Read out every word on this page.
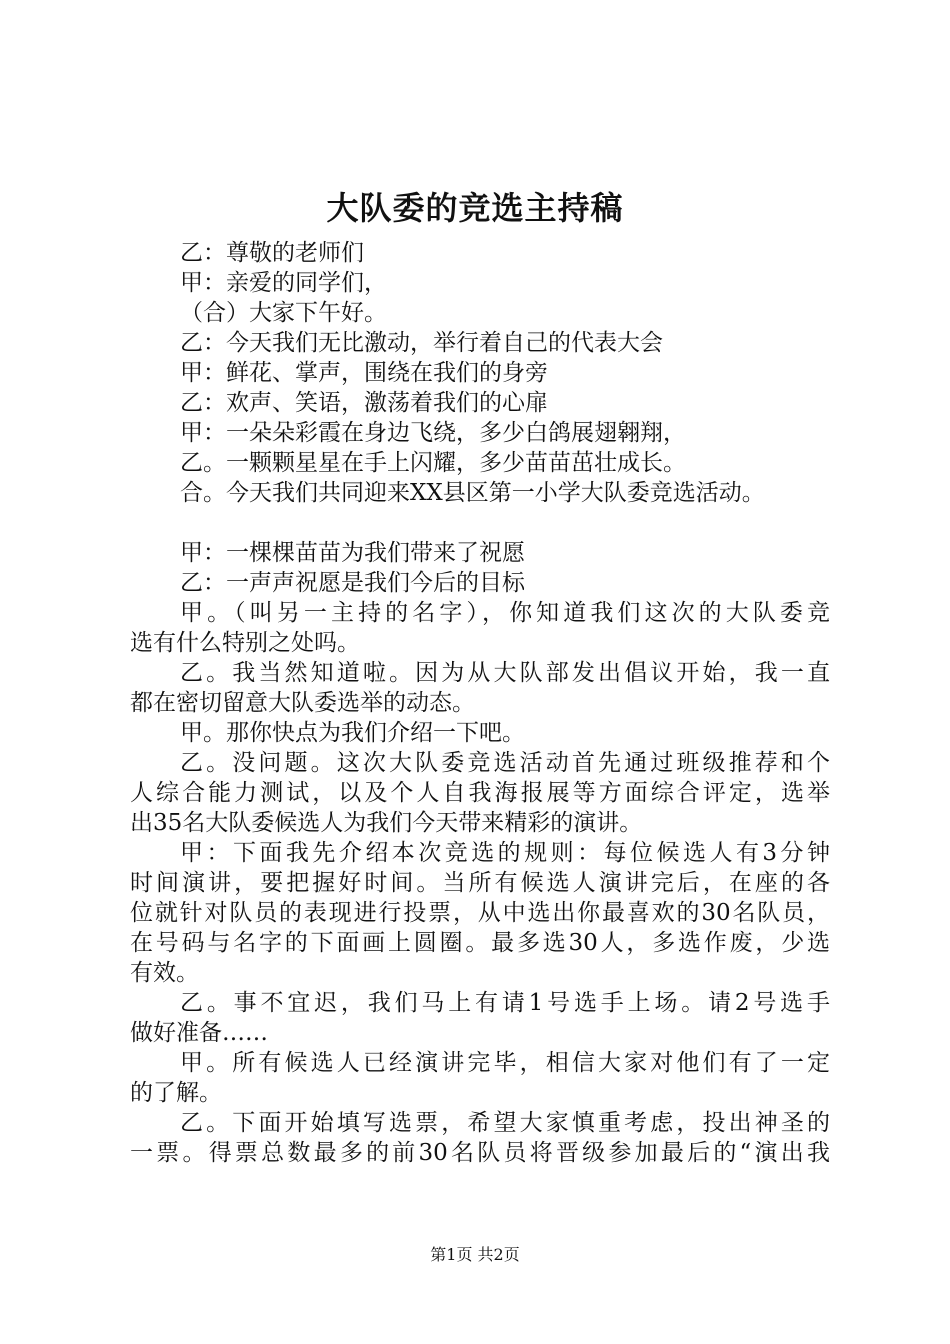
大队委的竞选主持稿
乙：尊敬的老师们
甲：亲爱的同学们，
（合）大家下午好。
乙：今天我们无比激动，举行着自己的代表大会
甲：鲜花、掌声，围绕在我们的身旁
乙：欢声、笑语，激荡着我们的心扉
甲：一朵朵彩霞在身边飞绕，多少白鸽展翅翱翔，
乙。一颗颗星星在手上闪耀，多少苗苗茁壮成长。
合。今天我们共同迎来XX县区第一小学大队委竞选活动。
甲：一棵棵苗苗为我们带来了祝愿
乙：一声声祝愿是我们今后的目标
甲。（叫另一主持的名字），你知道我们这次的大队委竞
选有什么特别之处吗。
乙。我当然知道啦。因为从大队部发出倡议开始，我一直
都在密切留意大队委选举的动态。
甲。那你快点为我们介绍一下吧。
乙。没问题。这次大队委竞选活动首先通过班级推荐和个
人综合能力测试，以及个人自我海报展等方面综合评定，选举
出35名大队委候选人为我们今天带来精彩的演讲。
甲：下面我先介绍本次竞选的规则：每位候选人有3分钟
时间演讲，要把握好时间。当所有候选人演讲完后，在座的各
位就针对队员的表现进行投票，从中选出你最喜欢的30名队员，
在号码与名字的下面画上圆圈。最多选30人，多选作废，少选
有效。
乙。事不宜迟，我们马上有请1号选手上场。请2号选手
做好准备……
甲。所有候选人已经演讲完毕，相信大家对他们有了一定
的了解。
乙。下面开始填写选票，希望大家慎重考虑，投出神圣的
一票。得票总数最多的前30名队员将晋级参加最后的“演出我
第1页 共2页
